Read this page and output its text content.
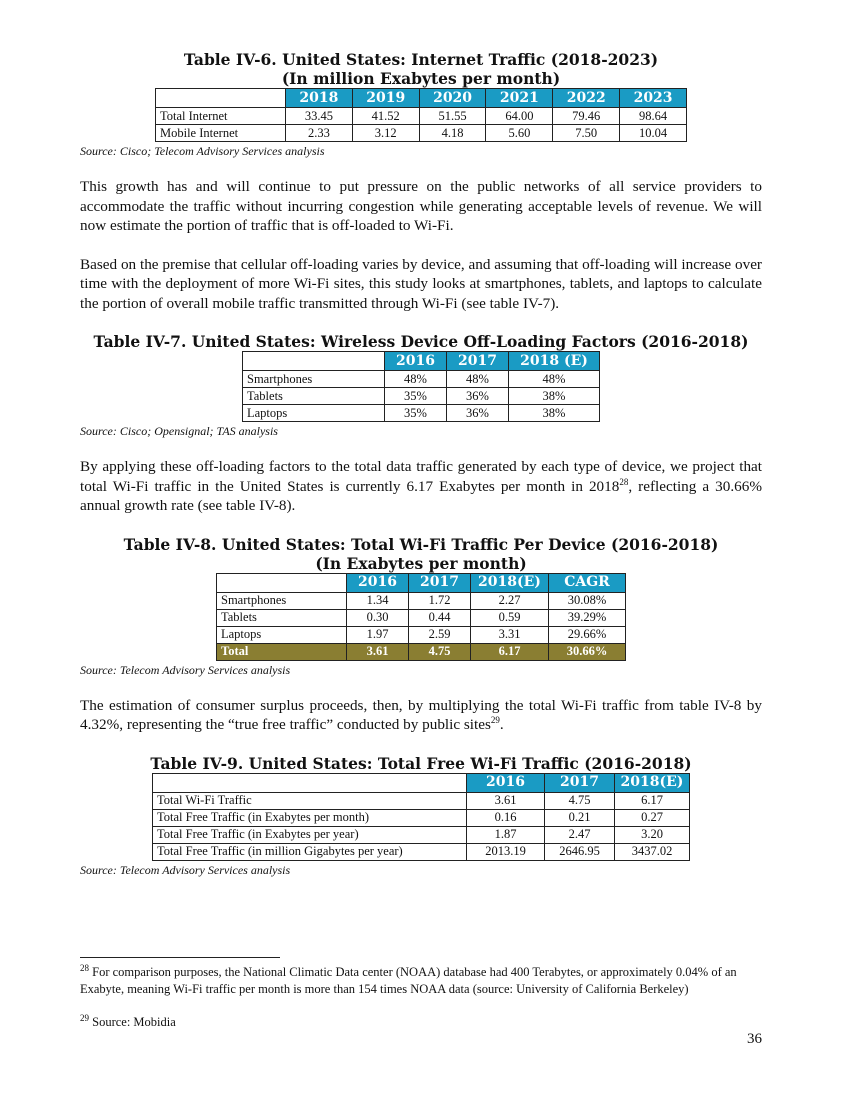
Table IV-6. United States: Internet Traffic (2018-2023)

(In million Exabytes per month)

	2018	2019	2020	2021	2022	2023
Total Internet	33.45	41.52	51.55	64.00	79.46	98.64
Mobile Internet	2.33	3.12	4.18	5.60	7.50	10.04

Source: Cisco; Telecom Advisory Services analysis

This growth has and will continue to put pressure on the public networks of all service providers to accommodate the traffic without incurring congestion while generating acceptable levels of revenue. We will now estimate the portion of traffic that is off-loaded to Wi-Fi.

Based on the premise that cellular off-loading varies by device, and assuming that off-loading will increase over time with the deployment of more Wi-Fi sites, this study looks at smartphones, tablets, and laptops to calculate the portion of overall mobile traffic transmitted through Wi-Fi (see table IV-7).

Table IV-7. United States: Wireless Device Off-Loading Factors (2016-2018)

	2016	2017	2018 (E)
Smartphones	48%	48%	48%
Tablets	35%	36%	38%
Laptops	35%	36%	38%

Source: Cisco; Opensignal; TAS analysis

By applying these off-loading factors to the total data traffic generated by each type of device, we project that total Wi-Fi traffic in the United States is currently 6.17 Exabytes per month in 2018$^{28}$, reflecting a 30.66% annual growth rate (see table IV-8).

Table IV-8. United States: Total Wi-Fi Traffic Per Device (2016-2018)

(In Exabytes per month)

	2016	2017	2018(E)	CAGR
Smartphones	1.34	1.72	2.27	30.08%
Tablets	0.30	0.44	0.59	39.29%
Laptops	1.97	2.59	3.31	29.66%
Total	3.61	4.75	6.17	30.66%

Source: Telecom Advisory Services analysis

The estimation of consumer surplus proceeds, then, by multiplying the total Wi-Fi traffic from table IV-8 by 4.32%, representing the “true free traffic” conducted by public sites$^{29}$.

Table IV-9. United States: Total Free Wi-Fi Traffic (2016-2018)

	2016	2017	2018(E)
Total Wi-Fi Traffic	3.61	4.75	6.17
Total Free Traffic (in Exabytes per month)	0.16	0.21	0.27
Total Free Traffic (in Exabytes per year)	1.87	2.47	3.20
Total Free Traffic (in million Gigabytes per year)	2013.19	2646.95	3437.02

Source: Telecom Advisory Services analysis

$^{28}$ For comparison purposes, the National Climatic Data center (NOAA) database had 400 Terabytes, or approximately 0.04% of an Exabyte, meaning Wi-Fi traffic per month is more than 154 times NOAA data (source: University of California Berkeley)
$^{29}$ Source: Mobidia
36
